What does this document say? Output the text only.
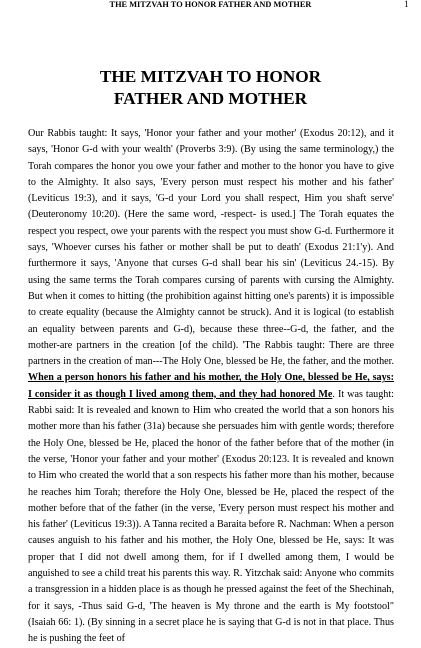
THE MITZVAH TO HONOR FATHER AND MOTHER	1
THE MITZVAH TO HONOR
FATHER AND MOTHER

Our Rabbis taught: It says, 'Honor your father and your mother' (Exodus 20:12), and it says, 'Honor G-d with your wealth' (Proverbs 3:9). (By using the same terminology,) the Torah compares the honor you owe your father and mother to the honor you have to give to the Almighty. It also says, 'Every person must respect his mother and his father' (Leviticus 19:3), and it says, 'G-d your Lord you shall respect, Him you shaft serve' (Deuteronomy 10:20). (Here the same word, -respect- is used.] The Torah equates the respect you respect, owe your parents with the respect you must show G-d. Furthermore it says, 'Whoever curses his father or mother shall be put to death' (Exodus 21:1'y). And furthermore it says, 'Anyone that curses G-d shall bear his sin' (Leviticus 24.-15). By using the same terms the Torah compares cursing of parents with cursing the Almighty. But when it comes to hitting (the prohibition against hitting one's parents) it is impossible to create equality (because the Almighty cannot be struck). And it is logical (to establish an equality between parents and G-d), because these three--G-d, the father, and the mother-are partners in the creation [of the child). 'The Rabbis taught: There are three partners in the creation of man---The Holy One, blessed be He, the father, and the mother. When a person honors his father and his mother, the Holy One, blessed be He, says: I consider it as though I lived among them, and they had honored Me. It was taught: Rabbi said: It is revealed and known to Him who created the world that a son honors his mother more than his father (31a) because she persuades him with gentle words; therefore the Holy One, blessed be He, placed the honor of the father before that of the mother (in the verse, 'Honor your father and your mother' (Exodus 20:123. It is revealed and known to Him who created the world that a son respects his father more than his mother, because he reaches him Torah; therefore the Holy One, blessed be He, placed the respect of the mother before that of the father (in the verse, 'Every person must respect his mother and his father' (Leviticus 19:3)). A Tanna recited a Baraita before R. Nachman: When a person causes anguish to his father and his mother, the Holy One, blessed be He, says: It was proper that I did not dwell among them, for if I dwelled among them, I would be anguished to see a child treat his parents this way. R. Yitzchak said: Anyone who commits a transgression in a hidden place is as though he pressed against the feet of the Shechinah, for it says, -Thus said G-d, 'The heaven is My throne and the earth is My footstool" (Isaiah 66: 1). (By sinning in a secret place he is saying that G-d is not in that place. Thus he is pushing the feet of
